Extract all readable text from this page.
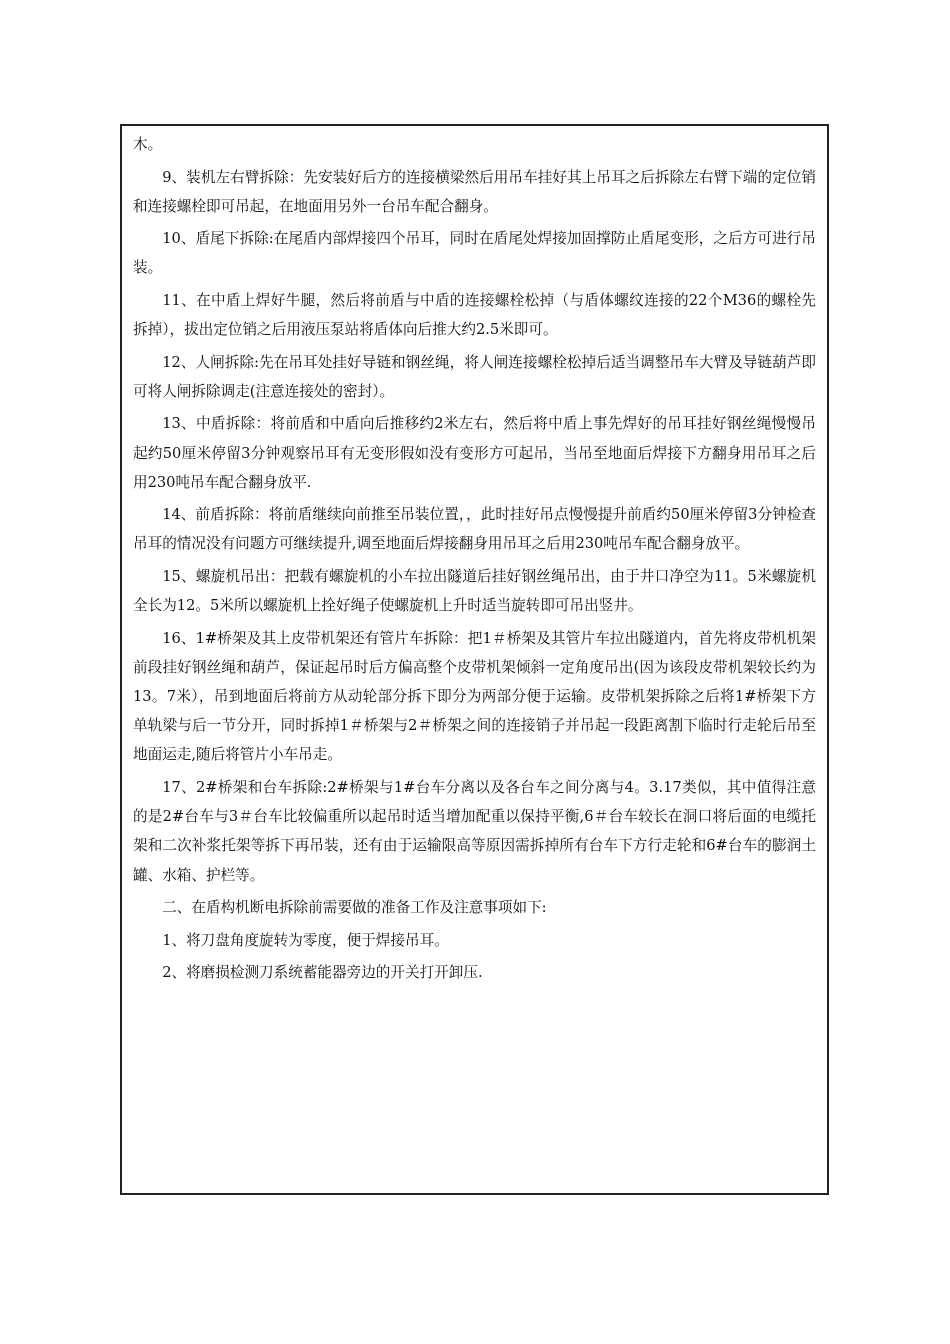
木。

9、装机左右臂拆除：先安装好后方的连接横梁然后用吊车挂好其上吊耳之后拆除左右臂下端的定位销和连接螺栓即可吊起，在地面用另外一台吊车配合翻身。

10、盾尾下拆除:在尾盾内部焊接四个吊耳，同时在盾尾处焊接加固撑防止盾尾变形，之后方可进行吊装。

11、在中盾上焊好牛腿，然后将前盾与中盾的连接螺栓松掉（与盾体螺纹连接的22个M36的螺栓先拆掉），拔出定位销之后用液压泵站将盾体向后推大约2.5米即可。

12、人闸拆除:先在吊耳处挂好导链和钢丝绳，将人闸连接螺栓松掉后适当调整吊车大臂及导链葫芦即可将人闸拆除调走(注意连接处的密封）。

13、中盾拆除：将前盾和中盾向后推移约2米左右，然后将中盾上事先焊好的吊耳挂好钢丝绳慢慢吊起约50厘米停留3分钟观察吊耳有无变形假如没有变形方可起吊，当吊至地面后焊接下方翻身用吊耳之后用230吨吊车配合翻身放平.

14、前盾拆除：将前盾继续向前推至吊装位置，，此时挂好吊点慢慢提升前盾约50厘米停留3分钟检查吊耳的情况没有问题方可继续提升,调至地面后焊接翻身用吊耳之后用230吨吊车配合翻身放平。

15、螺旋机吊出：把载有螺旋机的小车拉出隧道后挂好钢丝绳吊出，由于井口净空为11。5米螺旋机全长为12。5米所以螺旋机上拴好绳子使螺旋机上升时适当旋转即可吊出竖井。

16、1#桥架及其上皮带机架还有管片车拆除：把1＃桥架及其管片车拉出隧道内，首先将皮带机机架前段挂好钢丝绳和葫芦，保证起吊时后方偏高整个皮带机架倾斜一定角度吊出(因为该段皮带机架较长约为13。7米），吊到地面后将前方从动轮部分拆下即分为两部分便于运输。皮带机架拆除之后将1#桥架下方单轨梁与后一节分开，同时拆掉1＃桥架与2＃桥架之间的连接销子并吊起一段距离割下临时行走轮后吊至地面运走,随后将管片小车吊走。

17、2#桥架和台车拆除:2#桥架与1#台车分离以及各台车之间分离与4。3.17类似，其中值得注意的是2#台车与3＃台车比较偏重所以起吊时适当增加配重以保持平衡,6＃台车较长在洞口将后面的电缆托架和二次补浆托架等拆下再吊装，还有由于运输限高等原因需拆掉所有台车下方行走轮和6#台车的膨润土罐、水箱、护栏等。

二、在盾构机断电拆除前需要做的准备工作及注意事项如下:

1、将刀盘角度旋转为零度，便于焊接吊耳。

2、将磨损检测刀系统蓄能器旁边的开关打开卸压.
